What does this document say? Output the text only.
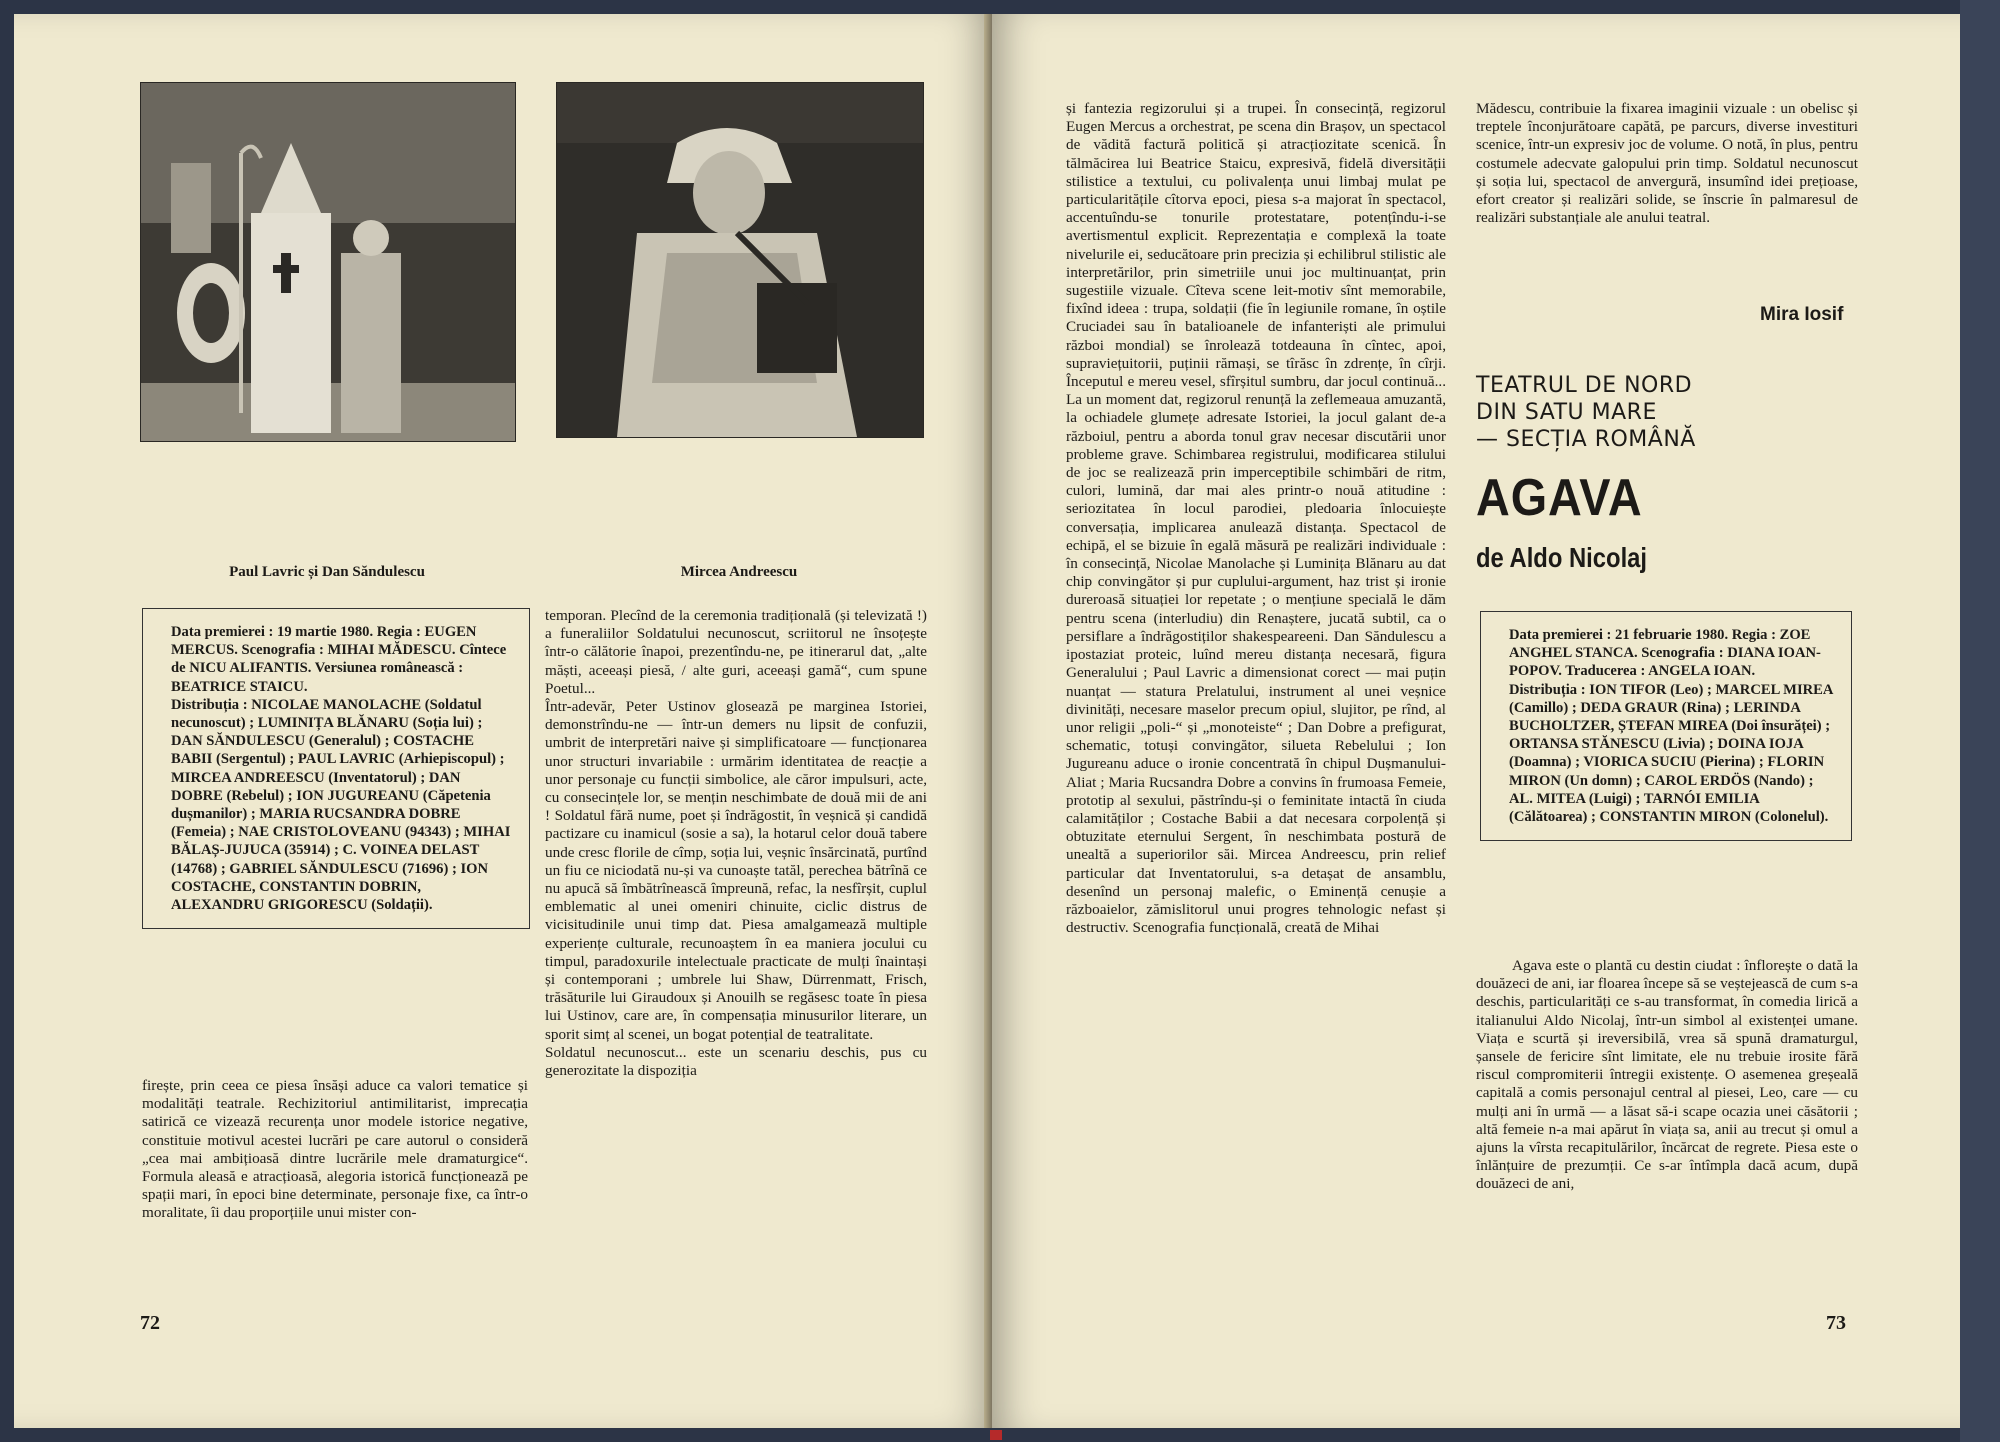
Paul Lavric și Dan Săndulescu	Mircea Andreescu
Data premierei : 19 martie 1980. Regia : EUGEN MERCUS. Scenografia : MIHAI MĂDESCU. Cîntece de NICU ALIFANTIS. Versiunea românească : BEATRICE STAICU.
Distribuția : NICOLAE MANOLACHE (Soldatul necunoscut) ; LUMINIȚA BLĂNARU (Soția lui) ; DAN SĂNDULESCU (Generalul) ; COSTACHE BABII (Sergentul) ; PAUL LAVRIC (Arhiepiscopul) ; MIRCEA ANDREESCU (Inventatorul) ; DAN DOBRE (Rebelul) ; ION JUGUREANU (Căpetenia dușmanilor) ; MARIA RUCSANDRA DOBRE (Femeia) ; NAE CRISTOLOVEANU (94343) ; MIHAI BĂLAȘ-JUJUCA (35914) ; C. VOINEA DELAST (14768) ; GABRIEL SĂNDULESCU (71696) ; ION COSTACHE, CONSTANTIN DOBRIN, ALEXANDRU GRIGORESCU (Soldații).
firește, prin ceea ce piesa însăși aduce ca valori tematice și modalități teatrale. Rechizitoriul antimilitarist, imprecația satirică ce vizează recurența unor modele istorice negative, constituie motivul acestei lucrări pe care autorul o consideră „cea mai ambițioasă dintre lucrările mele dramaturgice“. Formula aleasă e atracțioasă, alegoria istorică funcționează pe spații mari, în epoci bine determinate, personaje fixe, ca într-o moralitate, îi dau proporțiile unui mister con-
temporan. Plecînd de la ceremonia tradițională (și televizată !) a funeraliilor Soldatului necunoscut, scriitorul ne însoțește într-o călătorie înapoi, prezentîndu-ne, pe itinerarul dat, „alte măști, aceeași piesă, / alte guri, aceeași gamă“, cum spune Poetul...
Într-adevăr, Peter Ustinov glosează pe marginea Istoriei, demonstrîndu-ne — într-un demers nu lipsit de confuzii, umbrit de interpretări naive și simplificatoare — funcționarea unor structuri invariabile : urmărim identitatea de reacție a unor personaje cu funcții simbolice, ale căror impulsuri, acte, cu consecințele lor, se mențin neschimbate de două mii de ani ! Soldatul fără nume, poet și îndrăgostit, în veșnică și candidă pactizare cu inamicul (sosie a sa), la hotarul celor două tabere unde cresc florile de cîmp, soția lui, veșnic însărcinată, purtînd un fiu ce niciodată nu-și va cunoaște tatăl, perechea bătrînă ce nu apucă să îmbătrînească împreună, refac, la nesfîrșit, cuplul emblematic al unei omeniri chinuite, ciclic distrus de vicisitudinile unui timp dat. Piesa amalgamează multiple experiențe culturale, recunoaștem în ea maniera jocului cu timpul, paradoxurile intelectuale practicate de mulți înaintași și contemporani ; umbrele lui Shaw, Dürrenmatt, Frisch, trăsăturile lui Giraudoux și Anouilh se regăsesc toate în piesa lui Ustinov, care are, în compensația minusurilor literare, un sporit simț al scenei, un bogat potențial de teatralitate.
Soldatul necunoscut... este un scenariu deschis, pus cu generozitate la dispoziția
72
și fantezia regizorului și a trupei. În consecință, regizorul Eugen Mercus a orchestrat, pe scena din Brașov, un spectacol de vădită factură politică și atracțiozitate scenică. În tălmăcirea lui Beatrice Staicu, expresivă, fidelă diversității stilistice a textului, cu polivalența unui limbaj mulat pe particularitățile cîtorva epoci, piesa s-a majorat în spectacol, accentuîndu-se tonurile protestatare, potențîndu-i-se avertismentul explicit. Reprezentația e complexă la toate nivelurile ei, seducătoare prin precizia și echilibrul stilistic ale interpretărilor, prin simetriile unui joc multinuanțat, prin sugestiile vizuale. Cîteva scene leit-motiv sînt memorabile, fixînd ideea : trupa, soldații (fie în legiunile romane, în oștile Cruciadei sau în batalioanele de infanteriști ale primului război mondial) se înrolează totdeauna în cîntec, apoi, supraviețuitorii, puținii rămași, se tîrăsc în zdrențe, în cîrji. Începutul e mereu vesel, sfîrșitul sumbru, dar jocul continuă... La un moment dat, regizorul renunță la zeflemeaua amuzantă, la ochiadele glumețe adresate Istoriei, la jocul galant de-a războiul, pentru a aborda tonul grav necesar discutării unor probleme grave. Schimbarea registrului, modificarea stilului de joc se realizează prin imperceptibile schimbări de ritm, culori, lumină, dar mai ales printr-o nouă atitudine : seriozitatea în locul parodiei, pledoaria înlocuiește conversația, implicarea anulează distanța. Spectacol de echipă, el se bizuie în egală măsură pe realizări individuale : în consecință, Nicolae Manolache și Luminița Blănaru au dat chip convingător și pur cuplului-argument, haz trist și ironie dureroasă situației lor repetate ; o mențiune specială le dăm pentru scena (interludiu) din Renaștere, jucată subtil, ca o persiflare a îndrăgostiților shakespeareeni. Dan Săndulescu a ipostaziat proteic, luînd mereu distanța necesară, figura Generalului ; Paul Lavric a dimensionat corect — mai puțin nuanțat — statura Prelatului, instrument al unei veșnice divinități, necesare maselor precum opiul, slujitor, pe rînd, al unor religii „poli-“ și „monoteiste“ ; Dan Dobre a prefigurat, schematic, totuși convingător, silueta Rebelului ; Ion Jugureanu aduce o ironie concentrată în chipul Dușmanului-Aliat ; Maria Rucsandra Dobre a convins în frumoasa Femeie, prototip al sexului, păstrîndu-și o feminitate intactă în ciuda calamităților ; Costache Babii a dat necesara corpolență și obtuzitate eternului Sergent, în neschimbata postură de unealtă a superiorilor săi. Mircea Andreescu, prin relief particular dat Inventatorului, s-a detașat de ansamblu, desenînd un personaj malefic, o Eminență cenușie a războaielor, zămislitorul unui progres tehnologic nefast și destructiv. Scenografia funcțională, creată de Mihai
Mădescu, contribuie la fixarea imaginii vizuale : un obelisc și treptele înconjurătoare capătă, pe parcurs, diverse investituri scenice, într-un expresiv joc de volume. O notă, în plus, pentru costumele adecvate galopului prin timp. Soldatul necunoscut și soția lui, spectacol de anvergură, insumînd idei prețioase, efort creator și realizări solide, se înscrie în palmaresul de realizări substanțiale ale anului teatral.
Mira Iosif
TEATRUL DE NORD
DIN SATU MARE
— SECȚIA ROMÂNĂ
AGAVA
de Aldo Nicolaj
Data premierei : 21 februarie 1980. Regia : ZOE ANGHEL STANCA. Scenografia : DIANA IOAN-POPOV. Traducerea : ANGELA IOAN.
Distribuția : ION TIFOR (Leo) ; MARCEL MIREA (Camillo) ; DEDA GRAUR (Rina) ; LERINDA BUCHOLTZER, ȘTEFAN MIREA (Doi însurăței) ; ORTANSA STĂNESCU (Livia) ; DOINA IOJA (Doamna) ; VIORICA SUCIU (Pierina) ; FLORIN MIRON (Un domn) ; CAROL ERDÖS (Nando) ; AL. MITEA (Luigi) ; TARNÓI EMILIA (Călătoarea) ; CONSTANTIN MIRON (Colonelul).
Agava este o plantă cu destin ciudat : înflorește o dată la douăzeci de ani, iar floarea începe să se veștejească de cum s-a deschis, particularități ce s-au transformat, în comedia lirică a italianului Aldo Nicolaj, într-un simbol al existenței umane. Viața e scurtă și ireversibilă, vrea să spună dramaturgul, șansele de fericire sînt limitate, ele nu trebuie irosite fără riscul compromiterii întregii existențe. O asemenea greșeală capitală a comis personajul central al piesei, Leo, care — cu mulți ani în urmă — a lăsat să-i scape ocazia unei căsătorii ; altă femeie n-a mai apărut în viața sa, anii au trecut și omul a ajuns la vîrsta recapitulărilor, încărcat de regrete. Piesa este o înlănțuire de prezumții. Ce s-ar întîmpla dacă acum, după douăzeci de ani,
73
